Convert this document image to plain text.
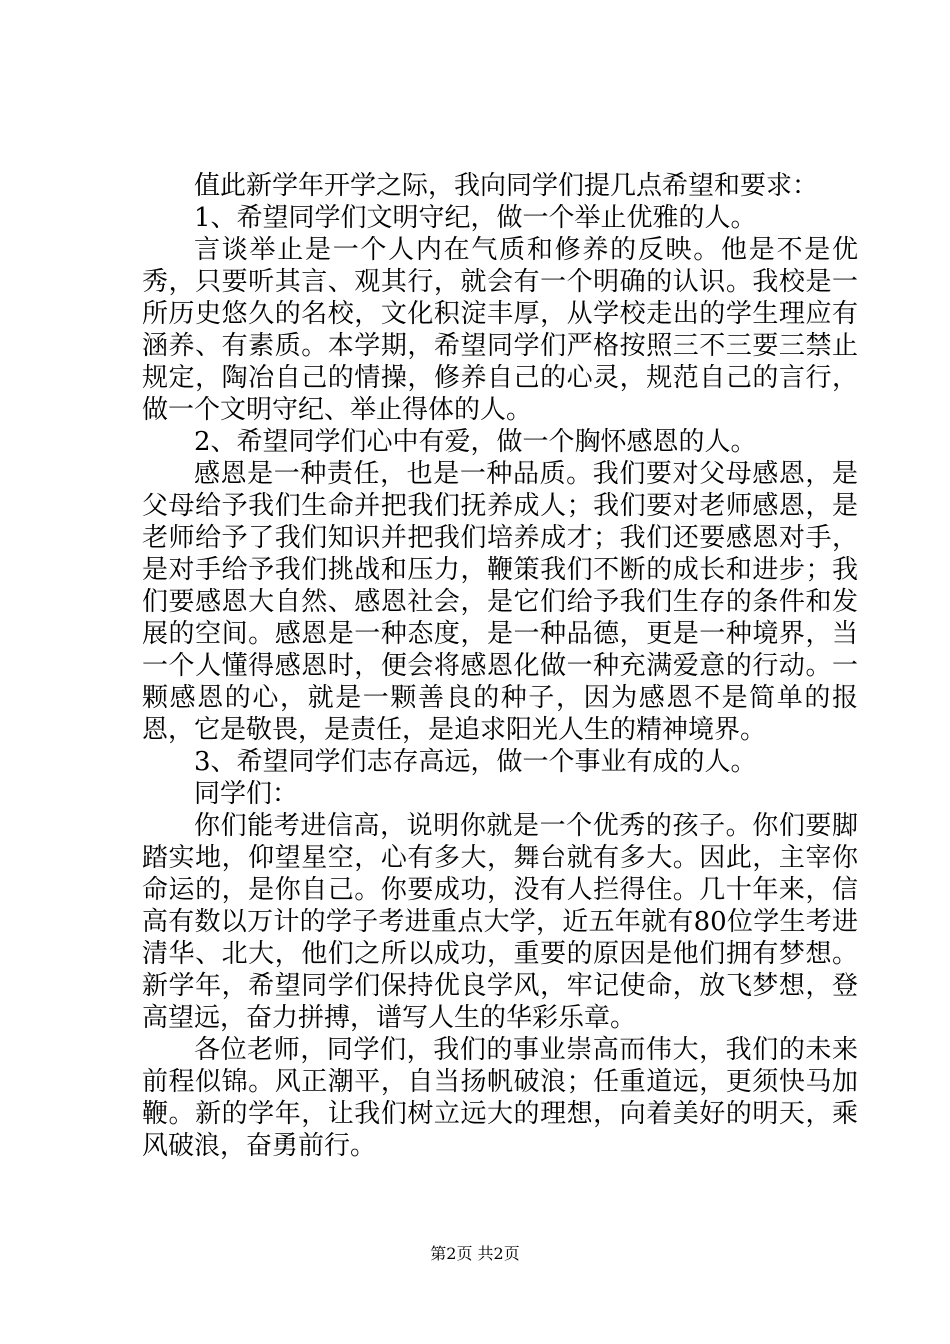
值此新学年开学之际，我向同学们提几点希望和要求：

1、希望同学们文明守纪，做一个举止优雅的人。

言谈举止是一个人内在气质和修养的反映。他是不是优秀，只要听其言、观其行，就会有一个明确的认识。我校是一所历史悠久的名校，文化积淀丰厚，从学校走出的学生理应有涵养、有素质。本学期，希望同学们严格按照三不三要三禁止规定，陶冶自己的情操，修养自己的心灵，规范自己的言行，做一个文明守纪、举止得体的人。

2、希望同学们心中有爱，做一个胸怀感恩的人。

感恩是一种责任，也是一种品质。我们要对父母感恩，是父母给予我们生命并把我们抚养成人；我们要对老师感恩，是老师给予了我们知识并把我们培养成才；我们还要感恩对手，是对手给予我们挑战和压力，鞭策我们不断的成长和进步；我们要感恩大自然、感恩社会，是它们给予我们生存的条件和发展的空间。感恩是一种态度，是一种品德，更是一种境界，当一个人懂得感恩时，便会将感恩化做一种充满爱意的行动。一颗感恩的心，就是一颗善良的种子，因为感恩不是简单的报恩，它是敬畏，是责任，是追求阳光人生的精神境界。

3、希望同学们志存高远，做一个事业有成的人。

同学们：

你们能考进信高，说明你就是一个优秀的孩子。你们要脚踏实地，仰望星空，心有多大，舞台就有多大。因此，主宰你命运的，是你自己。你要成功，没有人拦得住。几十年来，信高有数以万计的学子考进重点大学，近五年就有80位学生考进清华、北大，他们之所以成功，重要的原因是他们拥有梦想。新学年，希望同学们保持优良学风，牢记使命，放飞梦想，登高望远，奋力拼搏，谱写人生的华彩乐章。

各位老师，同学们，我们的事业崇高而伟大，我们的未来前程似锦。风正潮平，自当扬帆破浪；任重道远，更须快马加鞭。新的学年，让我们树立远大的理想，向着美好的明天，乘风破浪，奋勇前行。

第2页 共2页
